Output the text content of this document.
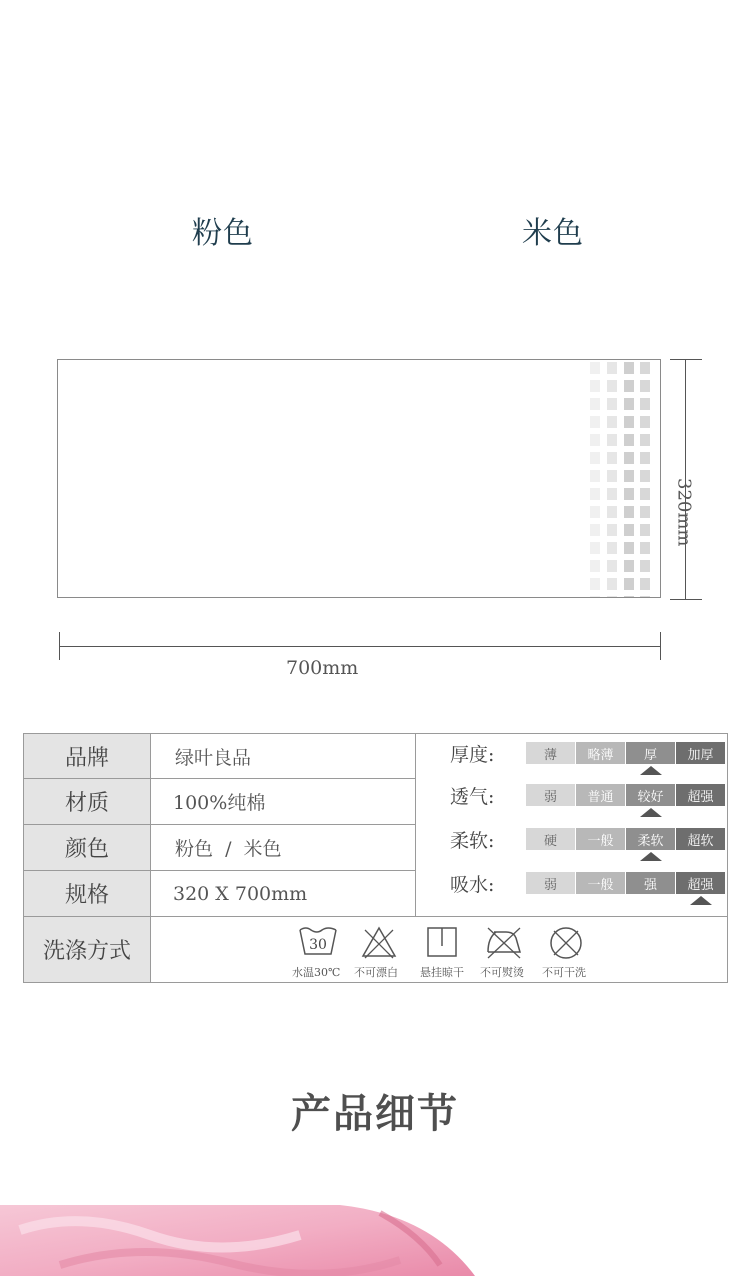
粉色	米色
320mm
700mm
品牌	绿叶良品
材质	100%纯棉
颜色	粉色  /  米色
规格	320 X 700mm
厚度:	薄	略薄	厚	加厚
透气:	弱	普通	较好	超强
柔软:	硬	一般	柔软	超软
吸水:	弱	一般	强	超强
洗涤方式	30
水温30℃ 不可漂白 悬挂晾干 不可熨烫 不可干洗
产品细节
